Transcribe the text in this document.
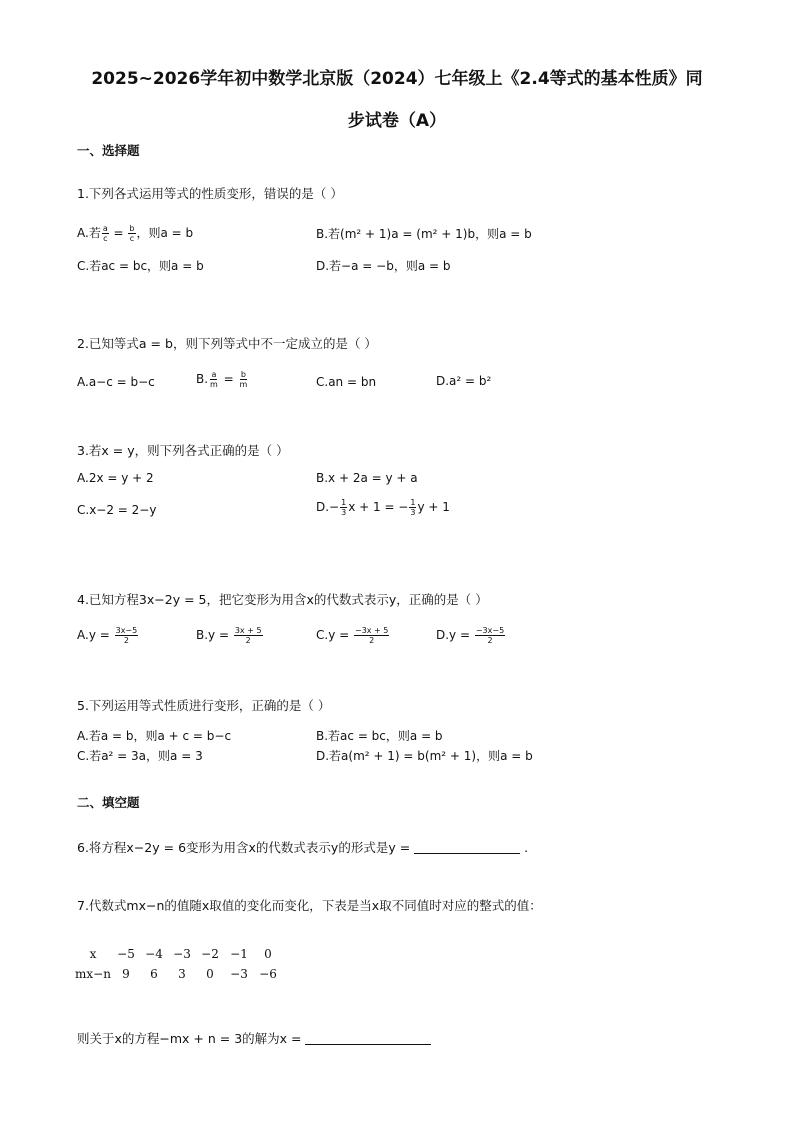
2025~2026学年初中数学北京版（2024）七年级上《2.4等式的基本性质》同
步试卷（A）
一、选择题
1.下列各式运用等式的性质变形，错误的是（ ）
A.若 $\frac{a}{c} = \frac{b}{c}$ ，则a = b	B.若(m² + 1)a = (m² + 1)b，则a = b
C.若ac = bc，则a = b	D.若−a = −b，则a = b
2.已知等式a = b，则下列等式中不一定成立的是（ ）
A.a−c = b−c	B. $\frac{a}{m} = \frac{b}{m}$	C.an = bn	D.a² = b²
3.若x = y，则下列各式正确的是（ ）
A.2x = y + 2	B.x + 2a = y + a
C.x−2 = 2−y	$D.- \frac{1}{3}$ x + 1 = − $\frac{1}{3}$ y + 1
4.已知方程3x−2y = 5，把它变形为用含x的代数式表示y，正确的是（ ）
$A.y = \frac{3x-5}{2}$	$B.y = \frac{3x + 5}{2}$	$C.y = \frac{-3x + 5}{2}$	$D.y = \frac{-3x-5}{2}$
5.下列运用等式性质进行变形，正确的是（ ）
A.若a = b，则a + c = b−c	B.若ac = bc，则a = b
C.若a² = 3a，则a = 3	D.若a(m² + 1) = b(m² + 1)，则a = b
二、填空题
6.将方程x−2y = 6变形为用含x的代数式表示y的形式是y =	.
7.代数式mx−n的值随x取值的变化而变化，下表是当x取不同值时对应的整式的值：
x	−5	−4	−3	−2	−1	0
mx−n	9	6	3	0	−3	−6
则关于x的方程−mx + n = 3的解为x =
